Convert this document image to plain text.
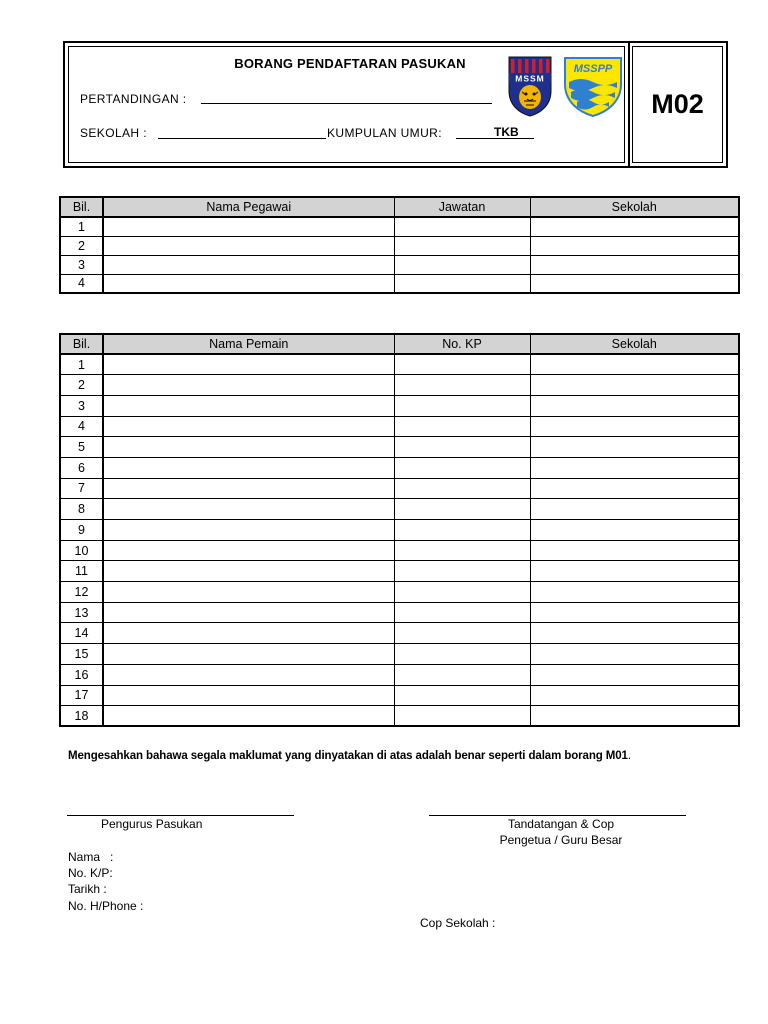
M02
BORANG PENDAFTARAN PASUKAN
PERTANDINGAN :
SEKOLAH :	KUMPULAN UMUR:	TKB
MSSM
MSSPP
Bil.	Nama Pegawai	Jawatan	Sekolah
1			
2			
3			
4			
Bil.	Nama Pemain	No. KP	Sekolah
1			
2			
3			
4			
5			
6			
7			
8			
9			
10			
11			
12			
13			
14			
15			
16			
17			
18			
Mengesahkan bahawa segala maklumat yang dinyatakan di atas adalah benar seperti dalam borang M01.
Pengurus Pasukan	Tandatangan & Cop
Pengetua / Guru Besar
Nama   :
No. K/P:
Tarikh :
No. H/Phone :
Cop Sekolah :
